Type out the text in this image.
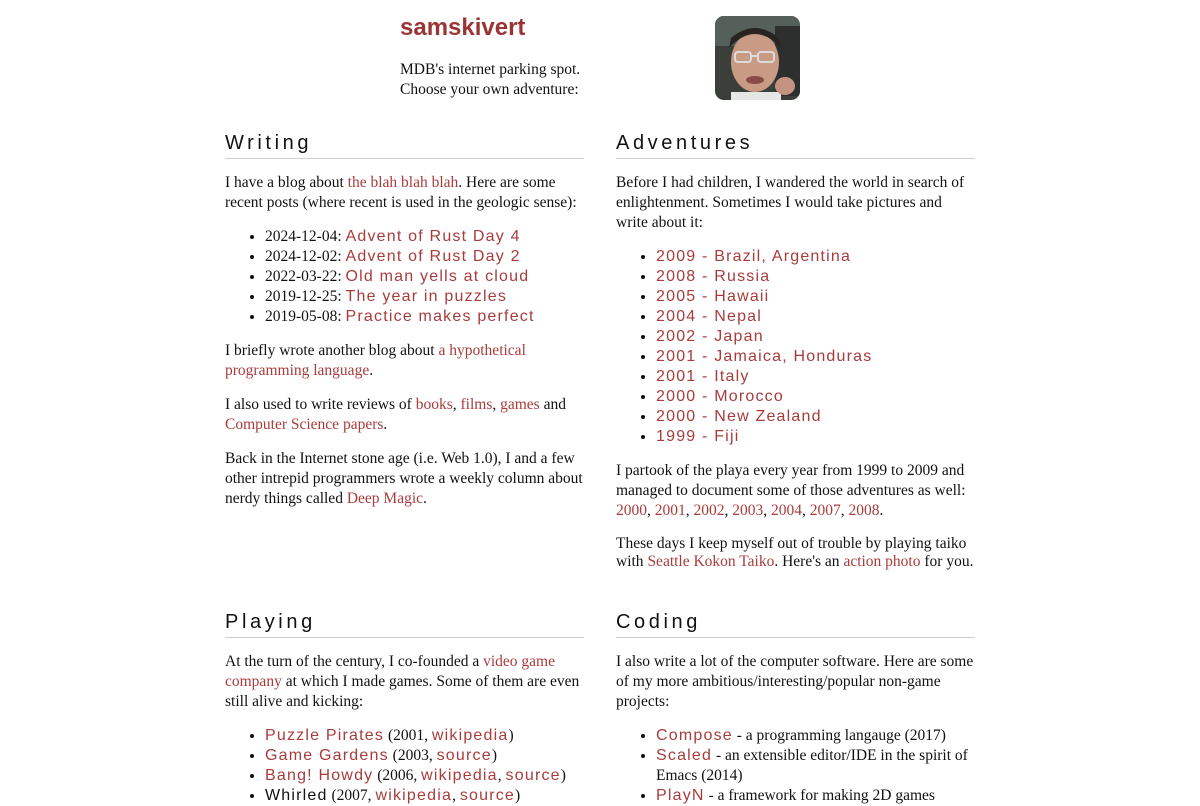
samskivert
MDB's internet parking spot.
Choose your own adventure:
Writing

I have a blog about the blah blah blah. Here are some recent posts (where recent is used in the geologic sense):

• 2024-12-04: Advent of Rust Day 4
• 2024-12-02: Advent of Rust Day 2
• 2022-03-22: Old man yells at cloud
• 2019-12-25: The year in puzzles
• 2019-05-08: Practice makes perfect

I briefly wrote another blog about a hypothetical programming language.

I also used to write reviews of books, films, games and Computer Science papers.

Back in the Internet stone age (i.e. Web 1.0), I and a few other intrepid programmers wrote a weekly column about nerdy things called Deep Magic.

Adventures

Before I had children, I wandered the world in search of enlightenment. Sometimes I would take pictures and write about it:

• 2009 - Brazil, Argentina
• 2008 - Russia
• 2005 - Hawaii
• 2004 - Nepal
• 2002 - Japan
• 2001 - Jamaica, Honduras
• 2001 - Italy
• 2000 - Morocco
• 2000 - New Zealand
• 1999 - Fiji

I partook of the playa every year from 1999 to 2009 and managed to document some of those adventures as well: 2000, 2001, 2002, 2003, 2004, 2007, 2008.

These days I keep myself out of trouble by playing taiko with Seattle Kokon Taiko. Here's an action photo for you.

Playing

At the turn of the century, I co-founded a video game company at which I made games. Some of them are even still alive and kicking:

• Puzzle Pirates (2001, wikipedia)
• Game Gardens (2003, source)
• Bang! Howdy (2006, wikipedia, source)
• Whirled (2007, wikipedia, source)
Coding

I also write a lot of the computer software. Here are some of my more ambitious/interesting/popular non-game projects:

• Compose - a programming langauge (2017)
• Scaled - an extensible editor/IDE in the spirit of Emacs (2014)
• PlayN - a framework for making 2D games
